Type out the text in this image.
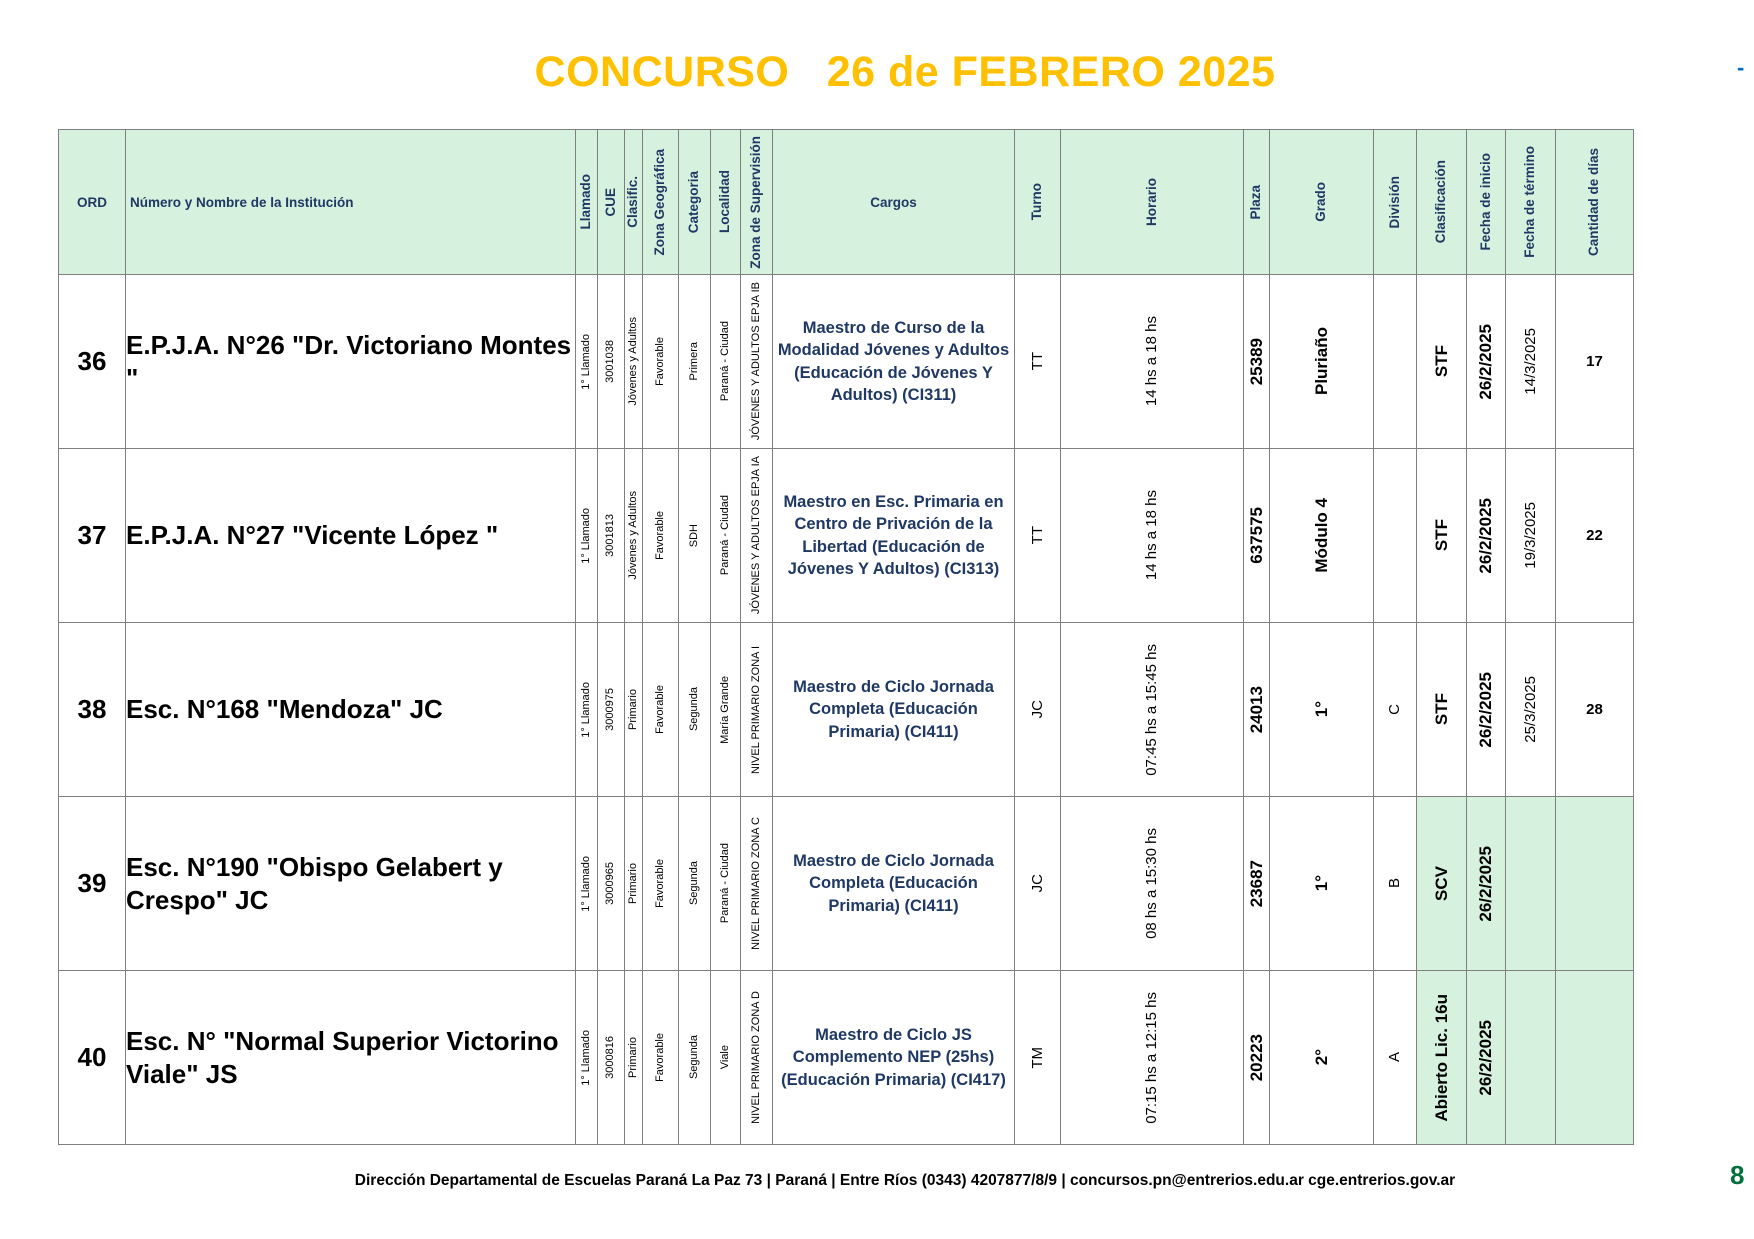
CONCURSO   26 de FEBRERO 2025	-
ORD	Número y Nombre de la Institución	Llamado	CUE	Clasific.	Zona Geográfica	Categoria	Localidad	Zona de Supervisión	Cargos	Turno	Horario	Plaza	Grado	División	Clasificación	Fecha de inicio	Fecha de término	Cantidad de días

36	E.P.J.A. N°26 "Dr. Victoriano Montes "	1° Llamado	3001038	Jóvenes y Adultos	Favorable	Primera	Paraná - Ciudad	JÓVENES Y ADULTOS EPJA IB	Maestro de Curso de la Modalidad Jóvenes y Adultos (Educación de Jóvenes Y Adultos) (CI311)	TT	14 hs a 18 hs	25389	Pluriaño		STF	26/2/2025	14/3/2025	17
37	E.P.J.A. N°27 "Vicente López "	1° Llamado	3001813	Jóvenes y Adultos	Favorable	SDH	Paraná - Ciudad	JÓVENES Y ADULTOS EPJA IA	Maestro en Esc. Primaria en Centro de Privación de la Libertad (Educación de Jóvenes Y Adultos) (CI313)	TT	14 hs a 18 hs	637575	Módulo 4		STF	26/2/2025	19/3/2025	22
38	Esc. N°168 "Mendoza" JC	1° Llamado	3000975	Primario	Favorable	Segunda	María Grande	NIVEL PRIMARIO ZONA I	Maestro de Ciclo Jornada Completa (Educación Primaria) (CI411)	JC	07:45 hs a 15:45 hs	24013	1°	C	STF	26/2/2025	25/3/2025	28
39	Esc. N°190 "Obispo Gelabert y Crespo" JC	1° Llamado	3000965	Primario	Favorable	Segunda	Paraná - Ciudad	NIVEL PRIMARIO ZONA C	Maestro de Ciclo Jornada Completa (Educación Primaria) (CI411)	JC	08 hs a 15:30 hs	23687	1°	B	SCV	26/2/2025		

40	Esc. N° "Normal Superior Victorino Viale" JS	1° Llamado	3000816	Primario	Favorable	Segunda	Viale	NIVEL PRIMARIO ZONA D	Maestro de Ciclo JS Complemento NEP (25hs) (Educación Primaria) (CI417)	TM	07:15 hs a 12:15 hs	20223	2°	A	Abierto Lic. 16u	26/2/2025		

Dirección Departamental de Escuelas Paraná La Paz 73 | Paraná | Entre Ríos (0343) 4207877/8/9 | concursos.pn@entrerios.edu.ar cge.entrerios.gov.ar	8
